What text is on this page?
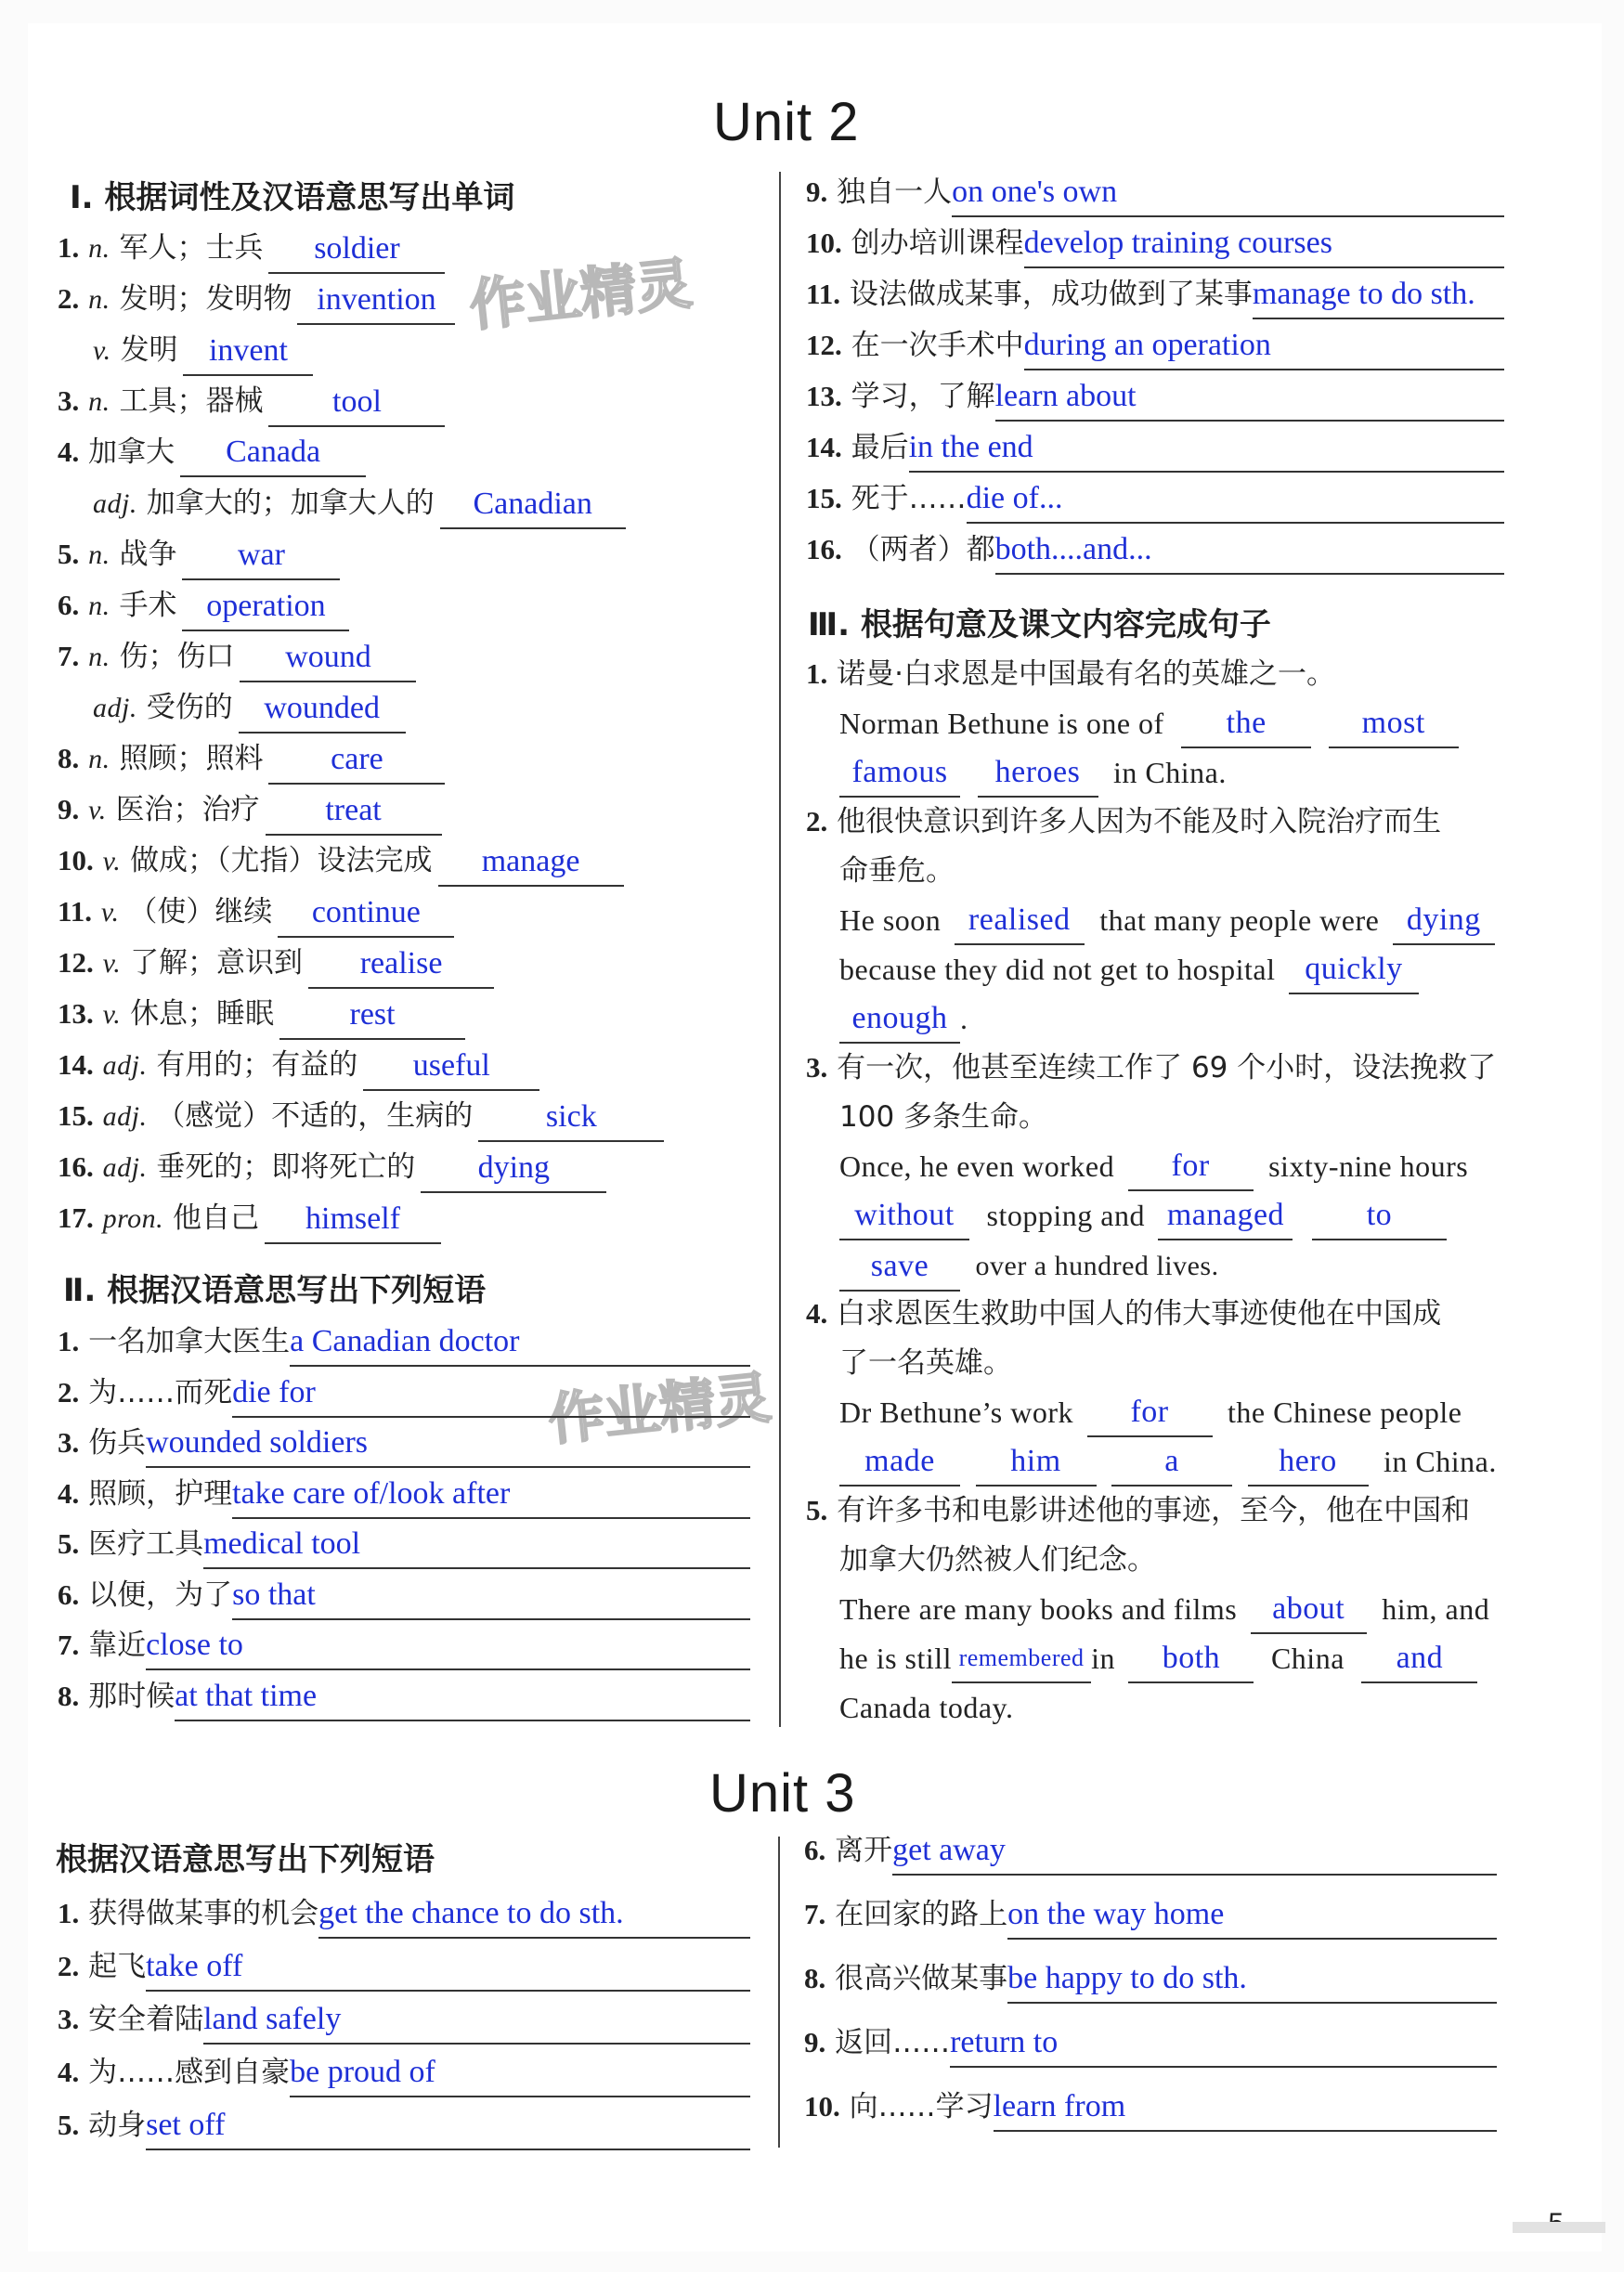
Unit 2
Ⅰ. 根据词性及汉语意思写出单词
1. n. 军人；士兵 soldier
2. n. 发明；发明物 invention
v. 发明 invent
3. n. 工具；器械 tool
4. 加拿大 Canada
adj. 加拿大的；加拿大人的 Canadian
5. n. 战争 war
6. n. 手术 operation
7. n. 伤；伤口 wound
adj. 受伤的 wounded
8. n. 照顾；照料 care
9. v. 医治；治疗 treat
10. v. 做成；（尤指）设法完成 manage
11. v. （使）继续 continue
12. v. 了解；意识到 realise
13. v. 休息；睡眠 rest
14. adj. 有用的；有益的 useful
15. adj. （感觉）不适的，生病的 sick
16. adj. 垂死的；即将死亡的 dying
17. pron. 他自己 himself
作业精灵
作业精灵
Ⅱ. 根据汉语意思写出下列短语
1. 一名加拿大医生a Canadian doctor
2. 为……而死die for
3. 伤兵wounded soldiers
4. 照顾，护理take care of/look after
5. 医疗工具medical tool
6. 以便，为了so that
7. 靠近close to
8. 那时候at that time
9. 独自一人on one's own
10. 创办培训课程develop training courses
11. 设法做成某事，成功做到了某事manage to do sth.
12. 在一次手术中during an operation
13. 学习，了解learn about
14. 最后in the end
15. 死于……die of...
16. （两者）都both....and...
Ⅲ. 根据句意及课文内容完成句子
1. 诺曼·白求恩是中国最有名的英雄之一。
Norman Bethune is one of the	most
famous heroes in China.
2. 他很快意识到许多人因为不能及时入院治疗而生
命垂危。
He soon realised that many people were dying
because they did not get to hospital quickly
enough .
3. 有一次，他甚至连续工作了 69 个小时，设法挽救了
100 多条生命。
Once, he even worked for sixty-nine hours
without stopping and managed	to
save over a hundred lives.
4. 白求恩医生救助中国人的伟大事迹使他在中国成
了一名英雄。
Dr Bethune’s work for the Chinese people
made him	a	hero in China.
5. 有许多书和电影讲述他的事迹，至今，他在中国和
加拿大仍然被人们纪念。
There are many books and films about him, and
he is still remembered in both China and
Canada today.
Unit 3
根据汉语意思写出下列短语
1. 获得做某事的机会get the chance to do sth.
2. 起飞take off
3. 安全着陆land safely
4. 为……感到自豪be proud of
5. 动身set off
6. 离开get away
7. 在回家的路上on the way home
8. 很高兴做某事be happy to do sth.
9. 返回……return to
10. 向……学习learn from
